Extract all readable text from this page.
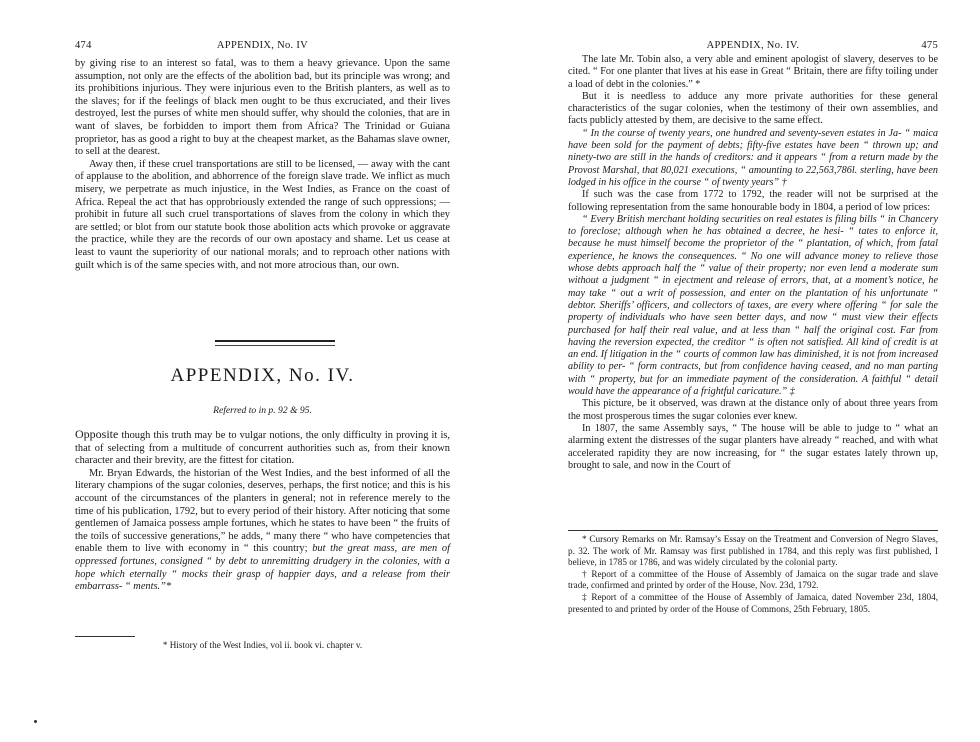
474	APPENDIX, No. IV

by giving rise to an interest so fatal, was to them a heavy grievance. Upon the same assumption, not only are the effects of the abolition bad, but its principle was wrong; and its prohibitions injurious. They were injurious even to the British planters, as well as to the slaves; for if the feelings of black men ought to be thus excruciated, and their lives destroyed, lest the purses of white men should suffer, why should the colonies, that are in want of slaves, be forbidden to import them from Africa? The Trinidad or Guiana proprietor, has as good a right to buy at the cheapest market, as the Bahamas slave owner, to sell at the dearest.

Away then, if these cruel transportations are still to be licensed, — away with the cant of applause to the abolition, and abhorrence of the foreign slave trade. We inflict as much misery, we perpetrate as much injustice, in the West Indies, as France on the coast of Africa. Repeal the act that has opprobriously extended the range of such oppressions; — prohibit in future all such cruel transportations of slaves from the colony in which they are settled; or blot from our statute book those abolition acts which provoke or aggravate the practice, while they are the records of our own apostacy and shame. Let us cease at least to vaunt the superiority of our national morals; and to reproach other nations with guilt which is of the same species with, and not more atrocious than, our own.

APPENDIX, No. IV.
Referred to in p. 92 & 95.

Opposite though this truth may be to vulgar notions, the only difficulty in proving it is, that of selecting from a multitude of concurrent authorities such as, from their known character and their brevity, are the fittest for citation.

Mr. Bryan Edwards, the historian of the West Indies, and the best informed of all the literary champions of the sugar colonies, deserves, perhaps, the first notice; and this is his account of the circumstances of the planters in general; not in reference merely to the time of his publication, 1792, but to every period of their history. After noticing that some gentlemen of Jamaica possess ample fortunes, which he states to have been “ the fruits of the toils of successive generations,” he adds, “ many there “ who have competencies that enable them to live with economy in “ this country; but the great mass, are men of oppressed fortunes, consigned “ by debt to unremitting drudgery in the colonies, with a hope which eternally “ mocks their grasp of happier days, and a release from their embarrass- “ ments.”*

* History of the West Indies, vol ii. book vi. chapter v.
APPENDIX, No. IV.	475

The late Mr. Tobin also, a very able and eminent apologist of slavery, deserves to be cited. “ For one planter that lives at his ease in Great “ Britain, there are fifty toiling under a load of debt in the colonies.” *

But it is needless to adduce any more private authorities for these general characteristics of the sugar colonies, when the testimony of their own assemblies, and facts publicly attested by them, are decisive to the same effect.

“ In the course of twenty years, one hundred and seventy-seven estates in Ja- “ maica have been sold for the payment of debts; fifty-five estates have been “ thrown up; and ninety-two are still in the hands of creditors: and it appears “ from a return made by the Provost Marshal, that 80,021 executions, “ amounting to 22,563,786l. sterling, have been lodged in his office in the course “ of twenty years” †

If such was the case from 1772 to 1792, the reader will not be surprised at the following representation from the same honourable body in 1804, a period of low prices:

“ Every British merchant holding securities on real estates is filing bills “ in Chancery to foreclose; although when he has obtained a decree, he hesi- “ tates to enforce it, because he must himself become the proprietor of the “ plantation, of which, from fatal experience, he knows the consequences. “ No one will advance money to relieve those whose debts approach half the “ value of their property; nor even lend a moderate sum without a judgment “ in ejectment and release of errors, that, at a moment’s notice, he may take “ out a writ of possession, and enter on the plantation of his unfortunate “ debtor. Sheriffs’ officers, and collectors of taxes, are every where offering “ for sale the property of individuals who have seen better days, and now “ must view their effects purchased for half their real value, and at less than “ half the original cost. Far from having the reversion expected, the creditor “ is often not satisfied. All kind of credit is at an end. If litigation in the “ courts of common law has diminished, it is not from increased ability to per- “ form contracts, but from confidence having ceased, and no man parting with “ property, but for an immediate payment of the consideration. A faithful “ detail would have the appearance of a frightful caricature.” ‡

This picture, be it observed, was drawn at the distance only of about three years from the most prosperous times the sugar colonies ever knew.

In 1807, the same Assembly says, “ The house will be able to judge to “ what an alarming extent the distresses of the sugar planters have already “ reached, and with what accelerated rapidity they are now increasing, for “ the sugar estates lately thrown up, brought to sale, and now in the Court of

* Cursory Remarks on Mr. Ramsay’s Essay on the Treatment and Conversion of Negro Slaves, p. 32. The work of Mr. Ramsay was first published in 1784, and this reply was first published, I believe, in 1785 or 1786, and was widely circulated by the colonial party.

† Report of a committee of the House of Assembly of Jamaica on the sugar trade and slave trade, confirmed and printed by order of the House, Nov. 23d, 1792.

‡ Report of a committee of the House of Assembly of Jamaica, dated November 23d, 1804, presented to and printed by order of the House of Commons, 25th February, 1805.
